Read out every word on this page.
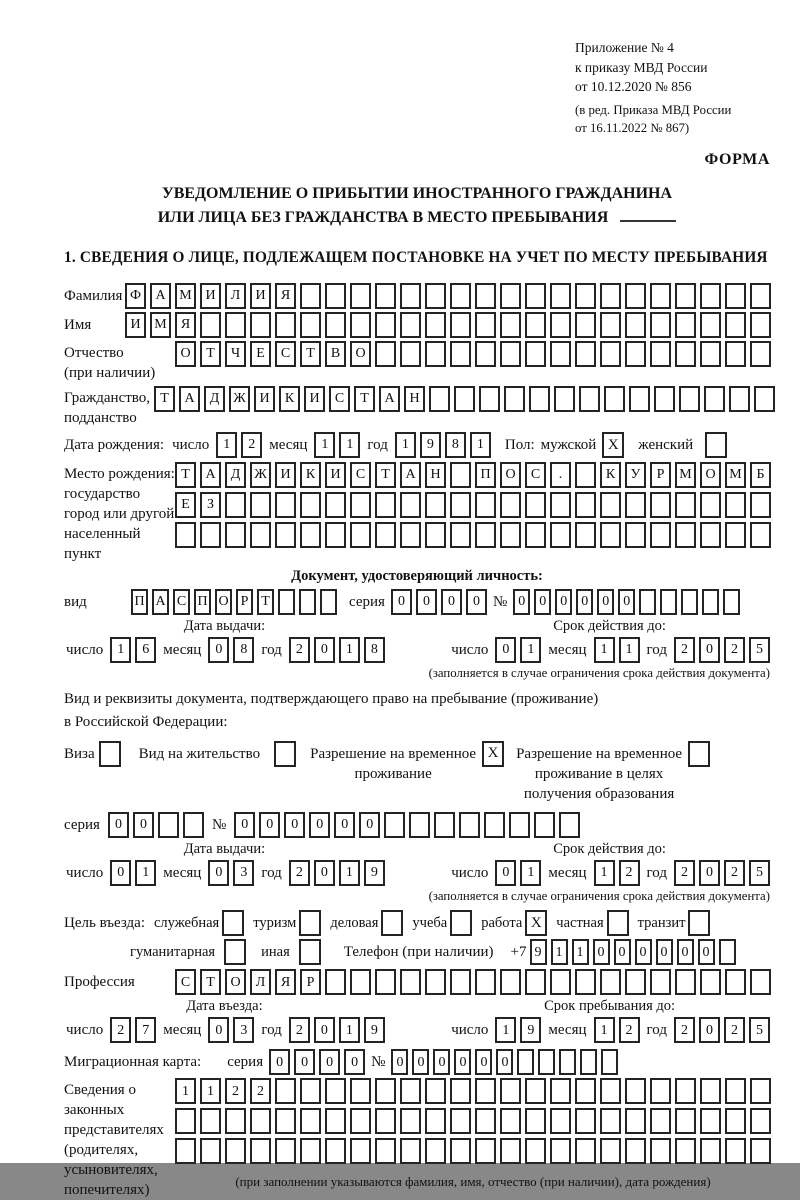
Приложение № 4
к приказу МВД России
от 10.12.2020 № 856
(в ред. Приказа МВД России
от 16.11.2022 № 867)
ФОРМА
УВЕДОМЛЕНИЕ О ПРИБЫТИИ ИНОСТРАННОГО ГРАЖДАНИНА
ИЛИ ЛИЦА БЕЗ ГРАЖДАНСТВА В МЕСТО ПРЕБЫВАНИЯ
1. СВЕДЕНИЯ О ЛИЦЕ, ПОДЛЕЖАЩЕМ ПОСТАНОВКЕ НА УЧЕТ ПО МЕСТУ ПРЕБЫВАНИЯ
Фамилия Ф	А М И	Л	И	Я
Имя	И М	Я
Отчество
(при наличии)
О	Т	Ч	Е	С	Т	В	О
Гражданство,
подданство
Т	А	Д Ж И	К	И	С	Т	А	Н
Дата рождения: число	1	2 месяц	1	1 год	1	9	8	1	Пол: мужской X	женский
Место рождения:
государство
город или другой
населенный пункт
Т	А	Д Ж И	К	И	С	Т	А	Н	П	О	С	.	К	У	Р	М О М	Б
Е	З
Документ, удостоверяющий личность:
вид	П А С П О Р Т	серия 0	0	0	0 № 0	0	0	0	0	0
Дата выдачи:
число	1	6 месяц	0	8 год	2	0	1	8
Срок действия до:
число	0	1 месяц	1	1 год	2	0	2	5
(заполняется в случае ограничения срока действия документа)
Вид и реквизиты документа, подтверждающего право на пребывание (проживание)
в Российской Федерации:
Виза	Вид на жительство	Разрешение на временное
проживание
X	Разрешение на временное
проживание в целях
получения образования
серия	0	0	№	0	0	0	0	0	0
Дата выдачи:
число	0	1 месяц	0	3 год	2	0	1	9
Срок действия до:
число	0	1 месяц	1	2 год	2	0	2	5
(заполняется в случае ограничения срока действия документа)
Цель въезда: служебная туризм деловая учеба работа X	частная транзит
гуманитарная	иная	Телефон (при наличии) +7 9	1	1	0	0	0	0	0	0
Профессия	С	Т	О	Л	Я	Р
Дата въезда:
число	2	7 месяц	0	3 год	2	0	1	9
Срок пребывания до:
число	1	9 месяц	1	2 год	2	0	2	5
Миграционная карта: серия 0	0	0	0 № 0	0	0	0	0	0
Сведения о
законных
представителях
(родителях,
усыновителях,
попечителях)
1	1	2	2
(при заполнении указываются фамилия, имя, отчество (при наличии), дата рождения)
